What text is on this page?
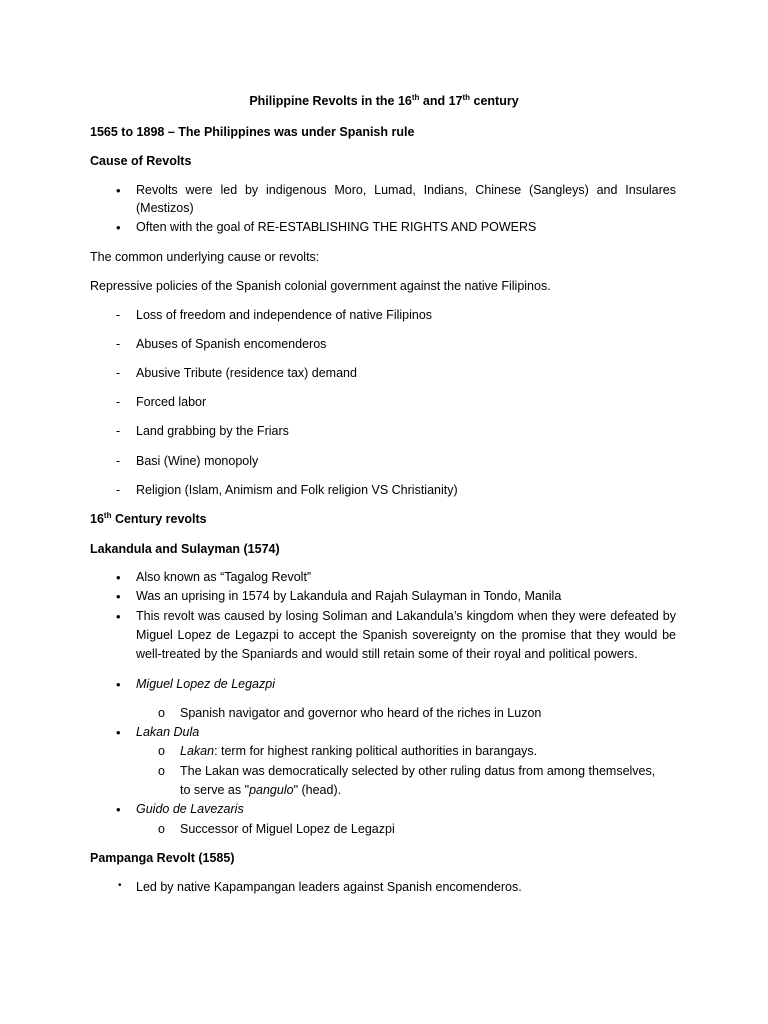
Philippine Revolts in the 16th and 17th century
1565 to 1898 – The Philippines was under Spanish rule
Cause of Revolts
• Revolts were led by indigenous Moro, Lumad, Indians, Chinese (Sangleys) and Insulares
(Mestizos)
• Often with the goal of RE-ESTABLISHING THE RIGHTS AND POWERS
The common underlying cause or revolts:
Repressive policies of the Spanish colonial government against the native Filipinos.
- Loss of freedom and independence of native Filipinos
- Abuses of Spanish encomenderos
- Abusive Tribute (residence tax) demand
- Forced labor
- Land grabbing by the Friars
- Basi (Wine) monopoly
- Religion (Islam, Animism and Folk religion VS Christianity)
16th Century revolts
Lakandula and Sulayman (1574)
• Also known as “Tagalog Revolt”
• Was an uprising in 1574 by Lakandula and Rajah Sulayman in Tondo, Manila
• This revolt was caused by losing Soliman and Lakandula’s kingdom when they were defeated by
Miguel Lopez de Legazpi to accept the Spanish sovereignty on the promise that they would be
well-treated by the Spaniards and would still retain some of their royal and political powers.
• Miguel Lopez de Legazpi
o Spanish navigator and governor who heard of the riches in Luzon
• Lakan Dula
o Lakan: term for highest ranking political authorities in barangays.
o The Lakan was democratically selected by other ruling datus from among themselves,
to serve as "pangulo" (head).
• Guido de Lavezaris
o Successor of Miguel Lopez de Legazpi
Pampanga Revolt (1585)
• Led by native Kapampangan leaders against Spanish encomenderos.
